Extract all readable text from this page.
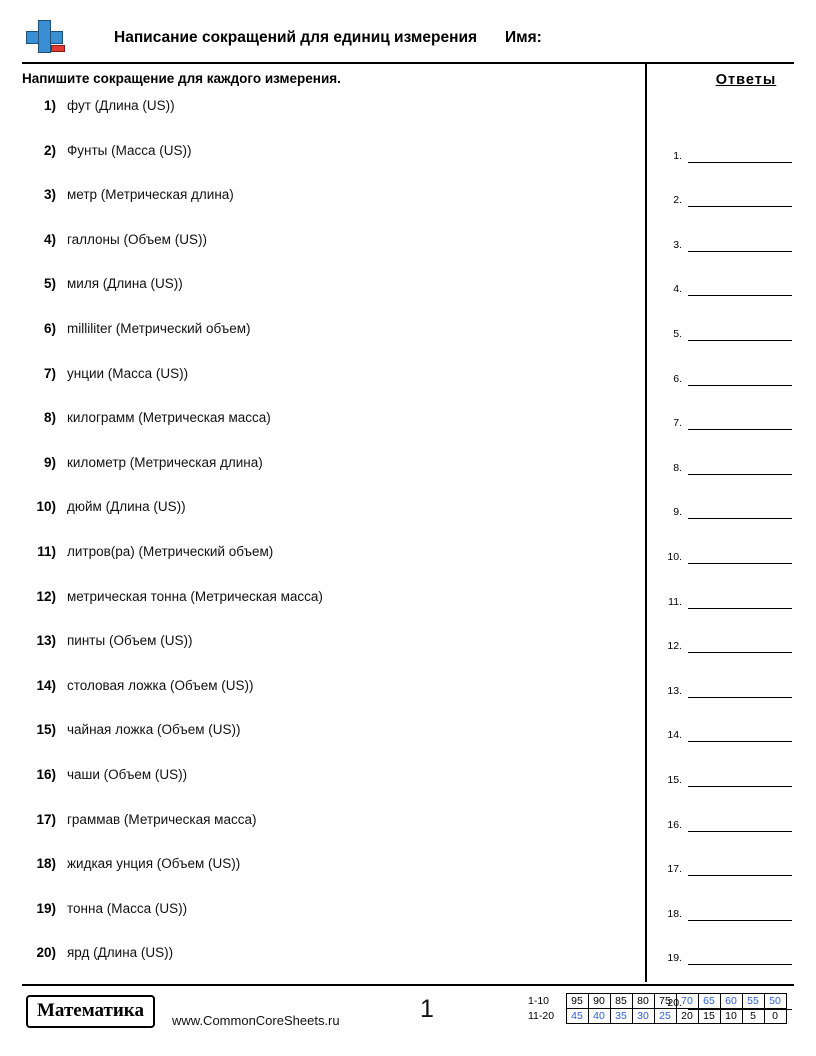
Написание сокращений для единиц измерения Имя:
Напишите сокращение для каждого измерения.
1) фут (Длина (US))
2) Фунты (Масса (US))
3) метр (Метрическая длина)
4) галлоны (Объем (US))
5) миля (Длина (US))
6) milliliter (Метрический объем)
7) унции (Масса (US))
8) килограмм (Метрическая масса)
9) километр (Метрическая длина)
10) дюйм (Длина (US))
11) литров(ра) (Метрический объем)
12) метрическая тонна (Метрическая масса)
13) пинты (Объем (US))
14) столовая ложка (Объем (US))
15) чайная ложка (Объем (US))
16) чаши (Объем (US))
17) граммав (Метрическая масса)
18) жидкая унция (Объем (US))
19) тонна (Масса (US))
20) ярд (Длина (US))
Ответы
1.
2.
3.
4.
5.
6.
7.
8.
9.
10.
11.
12.
13.
14.
15.
16.
17.
18.
19.
20.
Математика	www.CommonCoreSheets.ru	1	1-10	95	90	85	80	75	70	65	60	55	50
11-20	45	40	35	30	25	20	15	10	5	0
